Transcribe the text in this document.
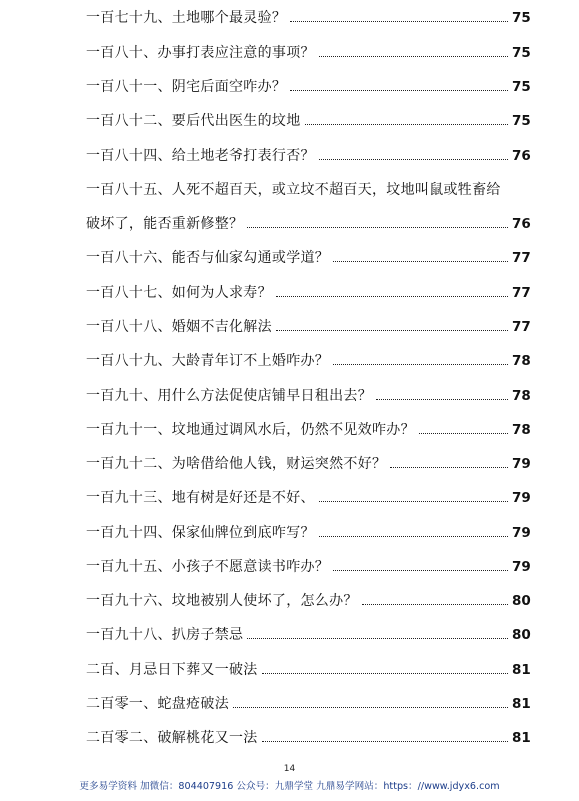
一百七十九、土地哪个最灵验？	75
一百八十、办事打表应注意的事项？	75
一百八十一、阴宅后面空咋办？	75
一百八十二、要后代出医生的坟地	75
一百八十四、给土地老爷打表行否？	76
一百八十五、人死不超百天，或立坟不超百天，坟地叫鼠或牲畜给
破坏了，能否重新修整？	76
一百八十六、能否与仙家勾通或学道？	77
一百八十七、如何为人求寿？	77
一百八十八、婚姻不吉化解法	77
一百八十九、大龄青年订不上婚咋办？	78
一百九十、用什么方法促使店铺早日租出去？	78
一百九十一、坟地通过调风水后，仍然不见效咋办？	78
一百九十二、为啥借给他人钱，财运突然不好？	79
一百九十三、地有树是好还是不好、	79
一百九十四、保家仙牌位到底咋写？	79
一百九十五、小孩子不愿意读书咋办？	79
一百九十六、坟地被别人使坏了，怎么办？	80
一百九十八、扒房子禁忌	80
二百、月忌日下葬又一破法	81
二百零一、蛇盘疮破法	81
二百零二、破解桃花又一法	81
14
更多易学资料 加微信：804407916 公众号：九鼎学堂 九鼎易学网站：https：//www.jdyx6.com
